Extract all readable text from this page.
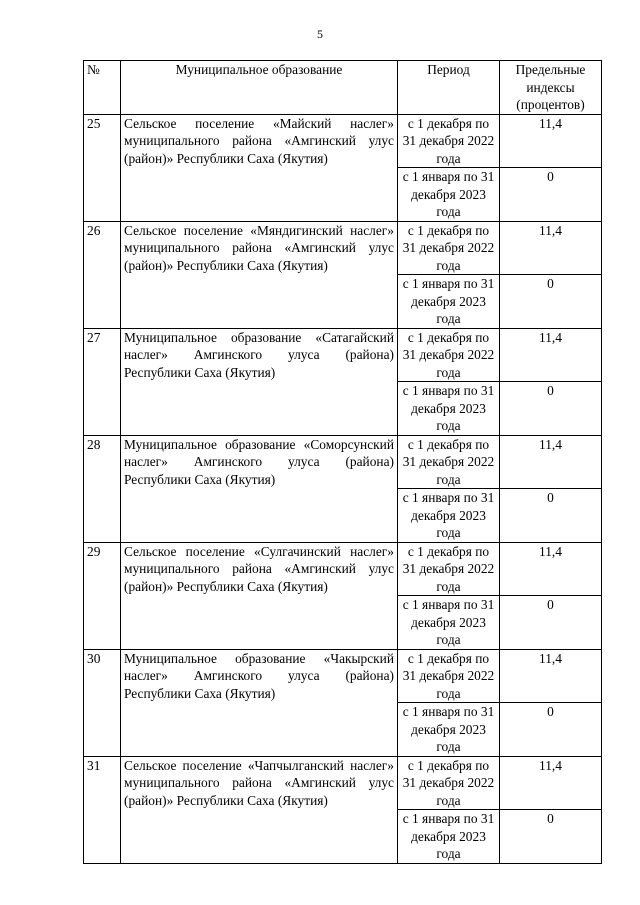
5
№	Муниципальное образование	Период	Предельные индексы (процентов)
25	Сельское поселение «Майский наслег» муниципального района «Амгинский улус (район)» Республики Саха (Якутия)	с 1 декабря по 31 декабря 2022 года	11,4
		с 1 января по 31 декабря 2023 года	0
26	Сельское поселение «Мяндигинский наслег» муниципального района «Амгинский улус (район)» Республики Саха (Якутия)	с 1 декабря по 31 декабря 2022 года	11,4
		с 1 января по 31 декабря 2023 года	0
27	Муниципальное образование «Сатагайский наслег» Амгинского улуса (района) Республики Саха (Якутия)	с 1 декабря по 31 декабря 2022 года	11,4
		с 1 января по 31 декабря 2023 года	0
28	Муниципальное образование «Соморсунский наслег» Амгинского улуса (района) Республики Саха (Якутия)	с 1 декабря по 31 декабря 2022 года	11,4
		с 1 января по 31 декабря 2023 года	0
29	Сельское поселение «Сулгачинский наслег» муниципального района «Амгинский улус (район)» Республики Саха (Якутия)	с 1 декабря по 31 декабря 2022 года	11,4
		с 1 января по 31 декабря 2023 года	0
30	Муниципальное образование «Чакырский наслег» Амгинского улуса (района) Республики Саха (Якутия)	с 1 декабря по 31 декабря 2022 года	11,4
		с 1 января по 31 декабря 2023 года	0
31	Сельское поселение «Чапчылганский наслег» муниципального района «Амгинский улус (район)» Республики Саха (Якутия)	с 1 декабря по 31 декабря 2022 года	11,4
		с 1 января по 31 декабря 2023 года	0
